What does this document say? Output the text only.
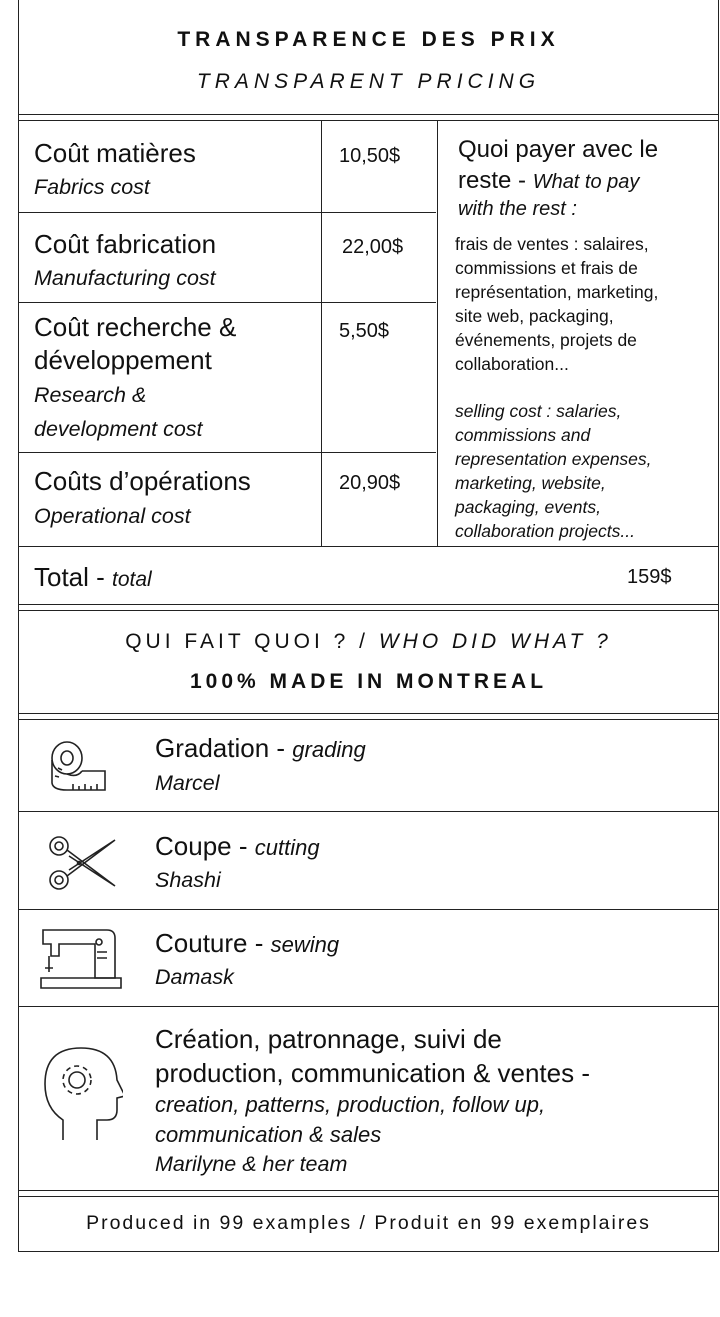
TRANSPARENCE DES PRIX
TRANSPARENT PRICING
Coût matières
Fabrics cost
10,50$
Coût fabrication
Manufacturing cost
22,00$
Coût recherche &
développement
Research &
development cost
5,50$
Coûts d’opérations
Operational cost
20,90$
Quoi payer avec le
reste - What to pay
with the rest :
frais de ventes : salaires,
commissions et frais de
représentation, marketing,
site web, packaging,
événements, projets de
collaboration...
selling cost : salaries,
commissions and
representation expenses,
marketing, website,
packaging, events,
collaboration projects...
Total - total	159$
QUI FAIT QUOI ? / WHO DID WHAT ?
100% MADE IN MONTREAL
Gradation - grading
Marcel
Coupe - cutting
Shashi
Couture - sewing
Damask
Création, patronnage, suivi de
production, communication & ventes -
creation, patterns, production, follow up,
communication & sales
Marilyne & her team
Produced in 99 examples / Produit en 99 exemplaires
